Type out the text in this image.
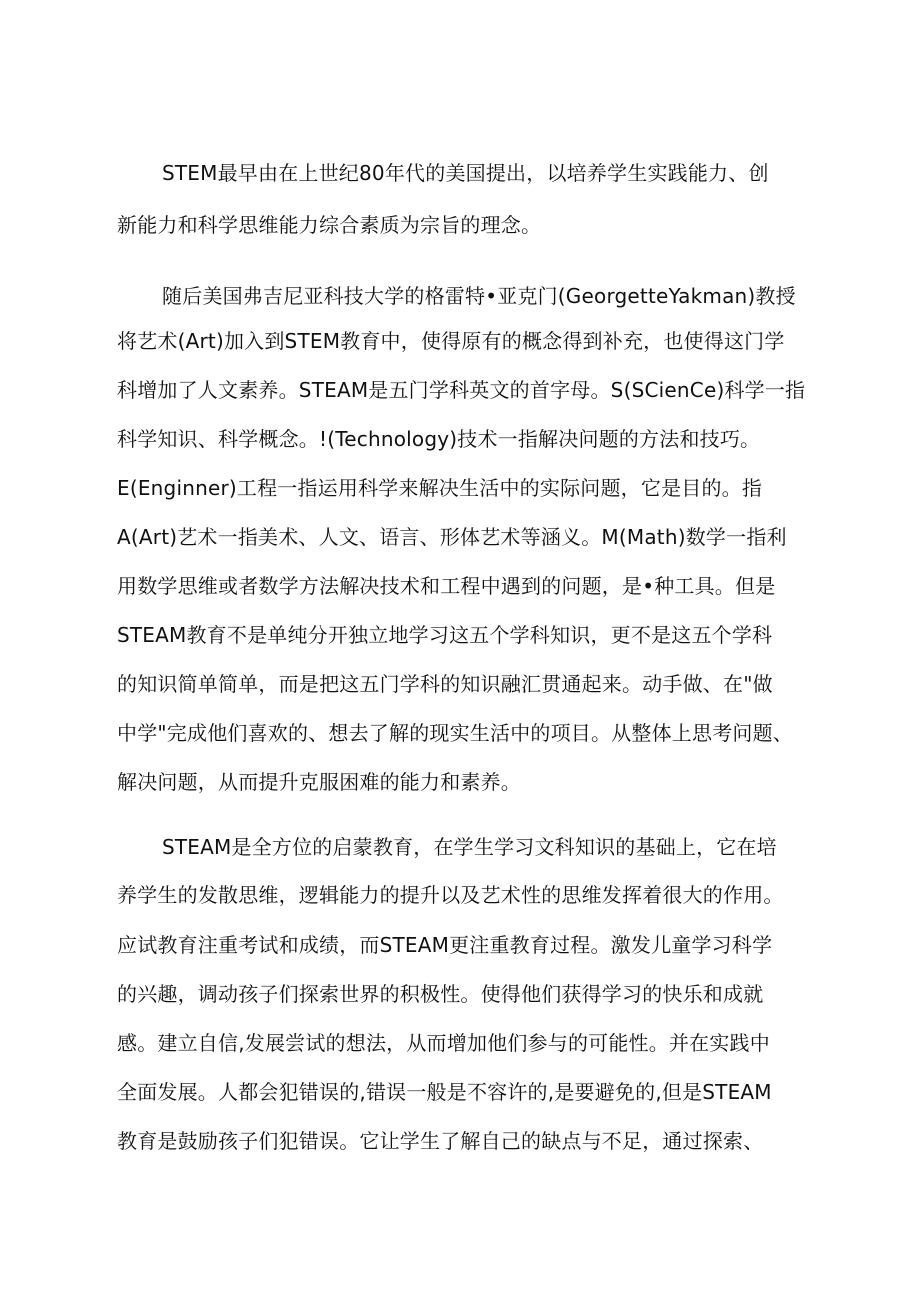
STEM最早由在上世纪80年代的美国提出，以培养学生实践能力、创
新能力和科学思维能力综合素质为宗旨的理念。
随后美国弗吉尼亚科技大学的格雷特•亚克门(GeorgetteYakman)教授
将艺术(Art)加入到STEM教育中，使得原有的概念得到补充，也使得这门学
科增加了人文素养。STEAM是五门学科英文的首字母。S(SCienCe)科学一指
科学知识、科学概念。!(Technology)技术一指解决问题的方法和技巧。
E(Enginner)工程一指运用科学来解决生活中的实际问题，它是目的。指
A(Art)艺术一指美术、人文、语言、形体艺术等涵义。M(Math)数学一指利
用数学思维或者数学方法解决技术和工程中遇到的问题，是•种工具。但是
STEAM教育不是单纯分开独立地学习这五个学科知识，更不是这五个学科
的知识简单简单，而是把这五门学科的知识融汇贯通起来。动手做、在"做
中学"完成他们喜欢的、想去了解的现实生活中的项目。从整体上思考问题、
解决问题，从而提升克服困难的能力和素养。
STEAM是全方位的启蒙教育，在学生学习文科知识的基础上，它在培
养学生的发散思维，逻辑能力的提升以及艺术性的思维发挥着很大的作用。
应试教育注重考试和成绩，而STEAM更注重教育过程。激发儿童学习科学
的兴趣，调动孩子们探索世界的积极性。使得他们获得学习的快乐和成就
感。建立自信,发展尝试的想法，从而增加他们参与的可能性。并在实践中
全面发展。人都会犯错误的,错误一般是不容许的,是要避免的,但是STEAM
教育是鼓励孩子们犯错误。它让学生了解自己的缺点与不足，通过探索、
